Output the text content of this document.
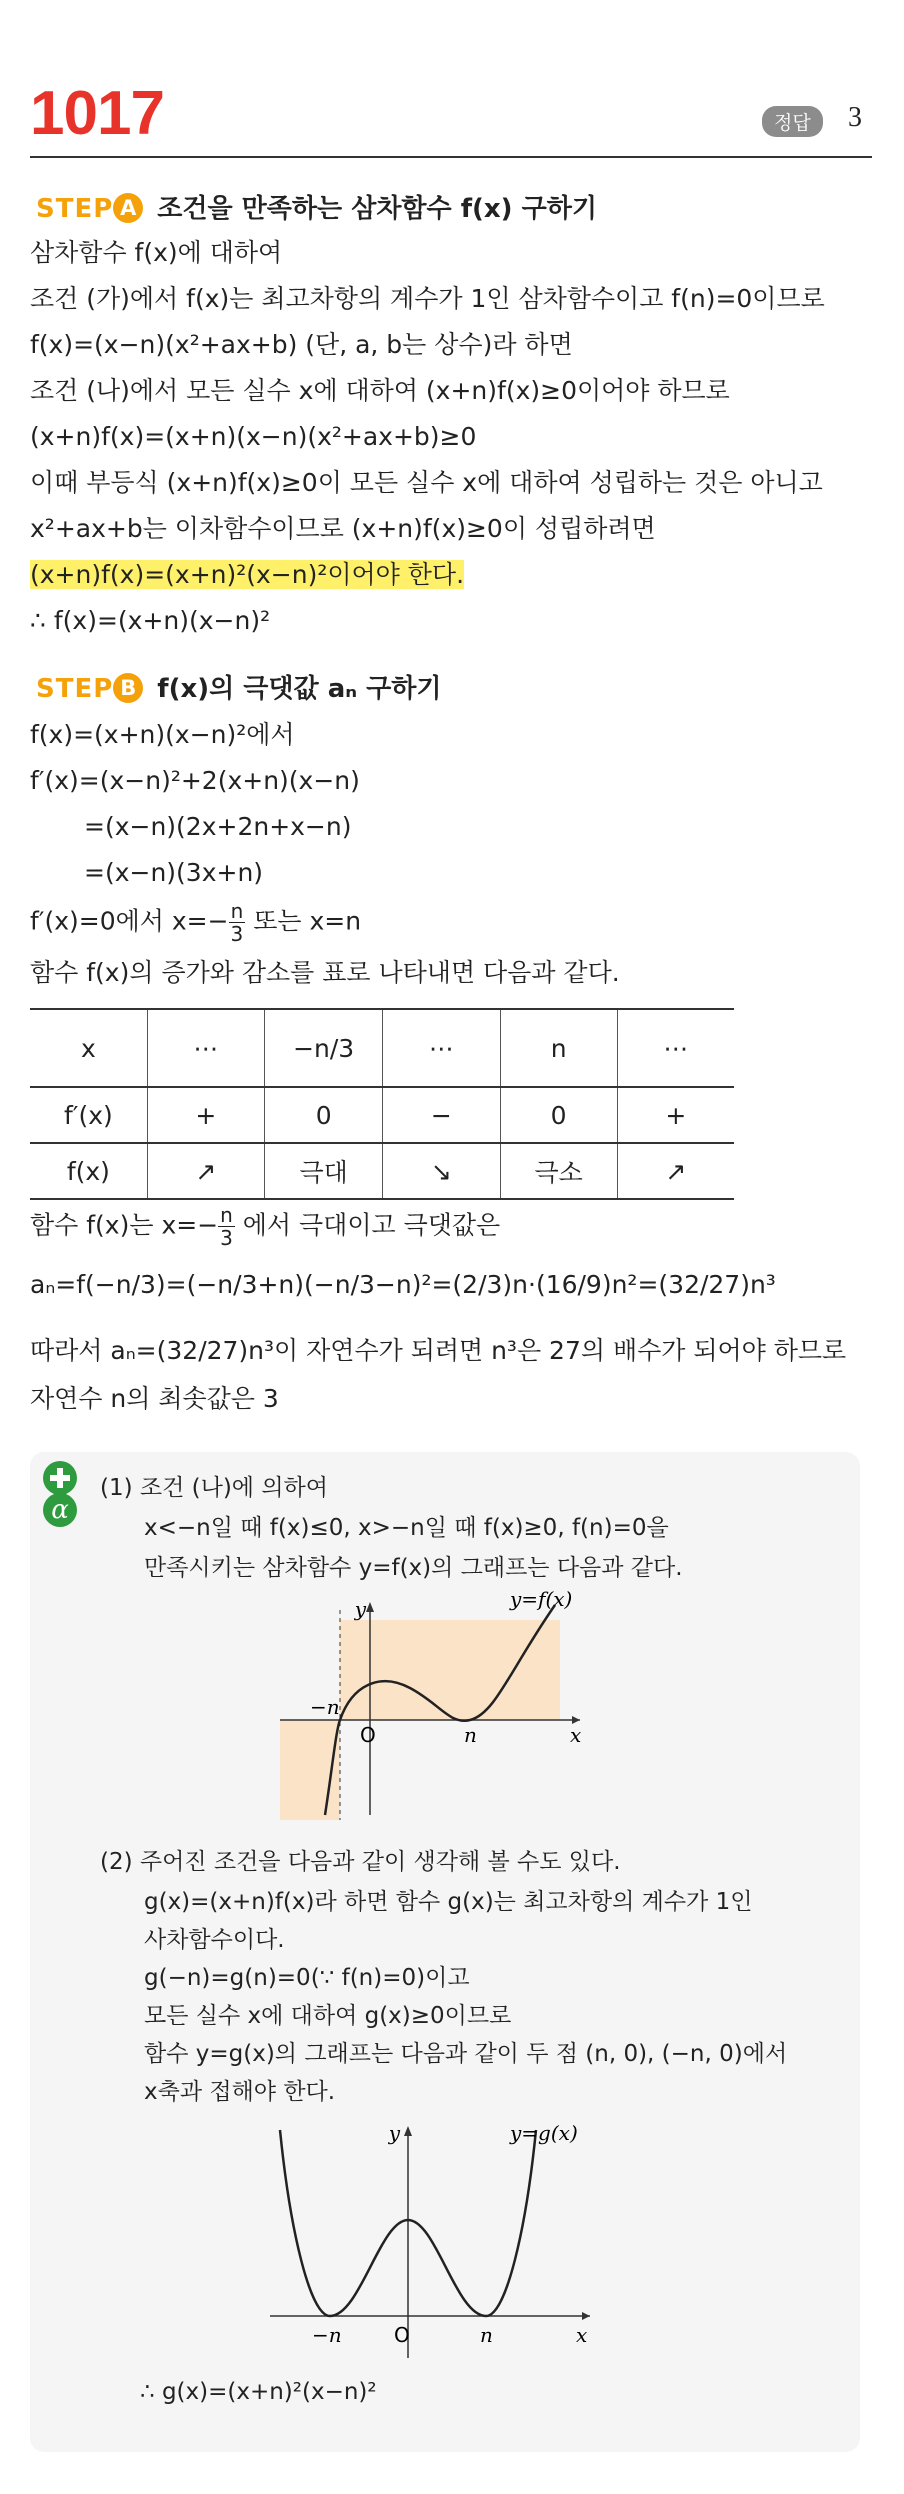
1017	정답	3
STEP A 조건을 만족하는 삼차함수 f(x) 구하기
삼차함수 f(x)에 대하여
조건 (가)에서 f(x)는 최고차항의 계수가 1인 삼차함수이고 f(n)=0이므로
f(x)=(x−n)(x²+ax+b) (단, a, b는 상수)라 하면
조건 (나)에서 모든 실수 x에 대하여 (x+n)f(x)≥0이어야 하므로
(x+n)f(x)=(x+n)(x−n)(x²+ax+b)≥0
이때 부등식 (x+n)f(x)≥0이 모든 실수 x에 대하여 성립하는 것은 아니고
x²+ax+b는 이차함수이므로 (x+n)f(x)≥0이 성립하려면
(x+n)f(x)=(x+n)²(x−n)²이어야 한다.
∴ f(x)=(x+n)(x−n)²
STEP B f(x)의 극댓값 aₙ 구하기
f(x)=(x+n)(x−n)²에서
f′(x)=(x−n)²+2(x+n)(x−n)
=(x−n)(2x+2n+x−n)
=(x−n)(3x+n)
f′(x)=0에서 $x=- \frac{n}{3}$ 또는 x=n
함수 f(x)의 증가와 감소를 표로 나타내면 다음과 같다.
x	⋯	−n/3	⋯	n	⋯
f′(x)	+	0	−	0	+
f(x)	↗	극대	↘	극소	↗
함수 f(x)는 $x=- \frac{n}{3}$ 에서 극대이고 극댓값은
aₙ=f(−n/3)=(−n/3+n)(−n/3−n)²=(2/3)n·(16/9)n²=(32/27)n³
따라서 aₙ=(32/27)n³이 자연수가 되려면 n³은 27의 배수가 되어야 하므로
자연수 n의 최솟값은 3
α
(1) 조건 (나)에 의하여
x<−n일 때 f(x)≤0, x>−n일 때 f(x)≥0, f(n)=0을
만족시키는 삼차함수 y=f(x)의 그래프는 다음과 같다.
y
x
O
−n
n
y=f(x)
(2) 주어진 조건을 다음과 같이 생각해 볼 수도 있다.
g(x)=(x+n)f(x)라 하면 함수 g(x)는 최고차항의 계수가 1인
사차함수이다.
g(−n)=g(n)=0(∵ f(n)=0)이고
모든 실수 x에 대하여 g(x)≥0이므로
함수 y=g(x)의 그래프는 다음과 같이 두 점 (n, 0), (−n, 0)에서
x축과 접해야 한다.
y
x
O
−n	n
y=g(x)
∴ g(x)=(x+n)²(x−n)²
